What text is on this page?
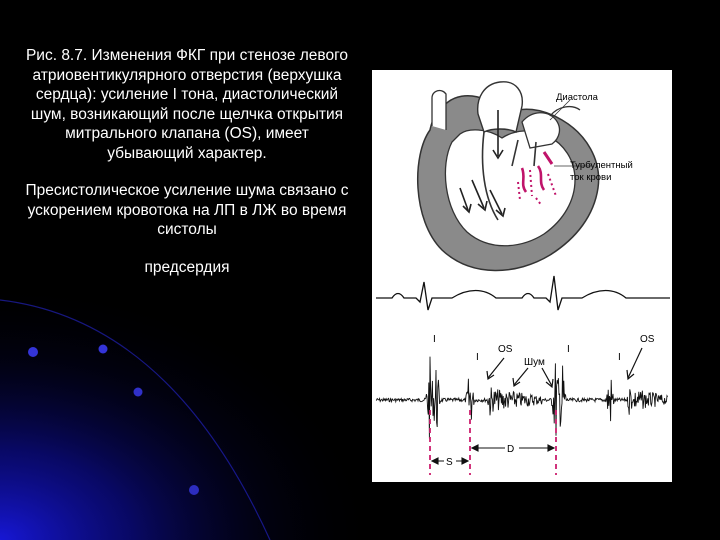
Рис. 8.7. Изменения ФКГ при стенозе левого атриовентикулярного отверстия (верхушка сердца): усиление I тона, диастолический шум, возникающий после щелчка открытия митрального клапана (OS), имеет убывающий характер.

Пресистолическое усиление шума связано с ускорением кровотока на ЛП в ЛЖ во время систолы

предсердия

Диастола
Турбулентный
ток крови
I
I
I
I
OS
OS
Шум
S
D
